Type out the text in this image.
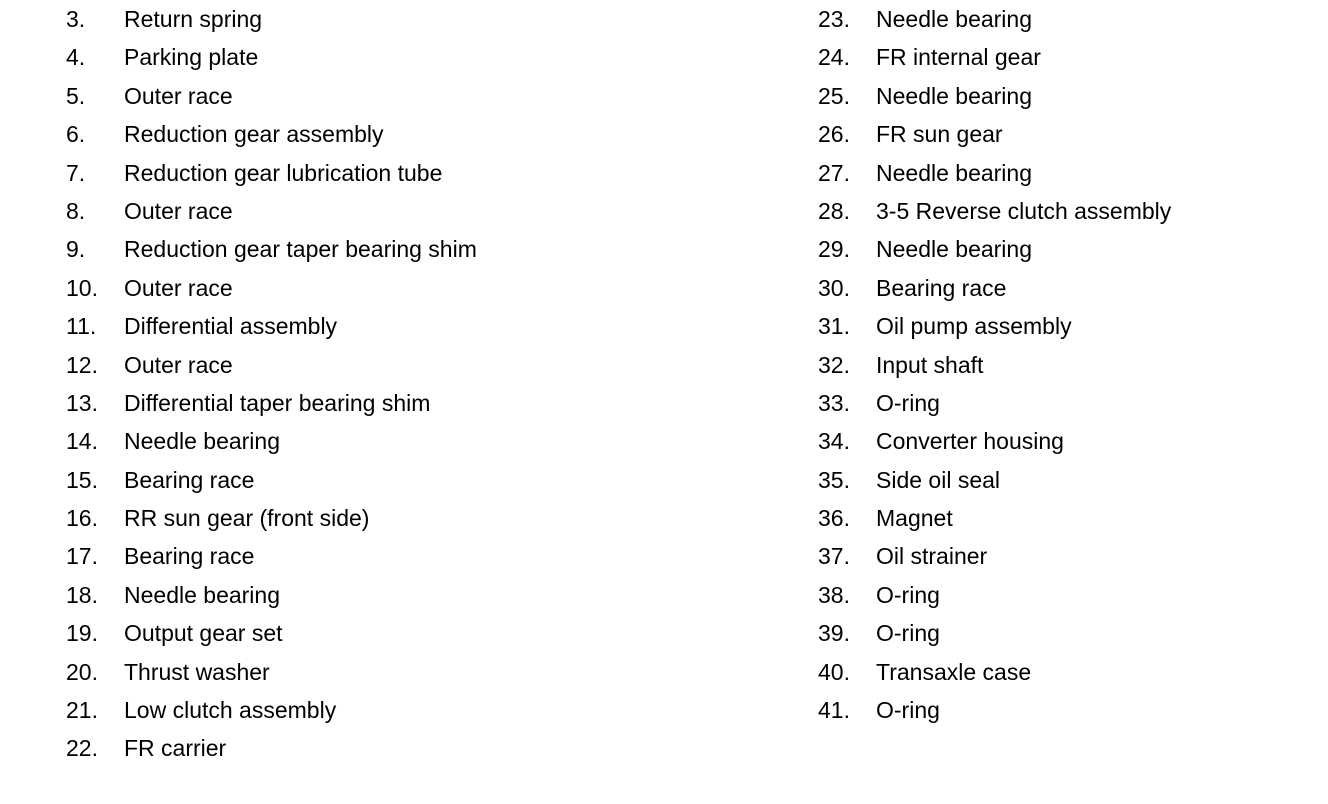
3.	Return spring
4.	Parking plate
5.	Outer race
6.	Reduction gear assembly
7.	Reduction gear lubrication tube
8.	Outer race
9.	Reduction gear taper bearing shim
10.	Outer race
11.	Differential assembly
12.	Outer race
13.	Differential taper bearing shim
14.	Needle bearing
15.	Bearing race
16.	RR sun gear (front side)
17.	Bearing race
18.	Needle bearing
19.	Output gear set
20.	Thrust washer
21.	Low clutch assembly
22.	FR carrier
23.	Needle bearing
24.	FR internal gear
25.	Needle bearing
26.	FR sun gear
27.	Needle bearing
28.	3-5 Reverse clutch assembly
29.	Needle bearing
30.	Bearing race
31.	Oil pump assembly
32.	Input shaft
33.	O-ring
34.	Converter housing
35.	Side oil seal
36.	Magnet
37.	Oil strainer
38.	O-ring
39.	O-ring
40.	Transaxle case
41.	O-ring
